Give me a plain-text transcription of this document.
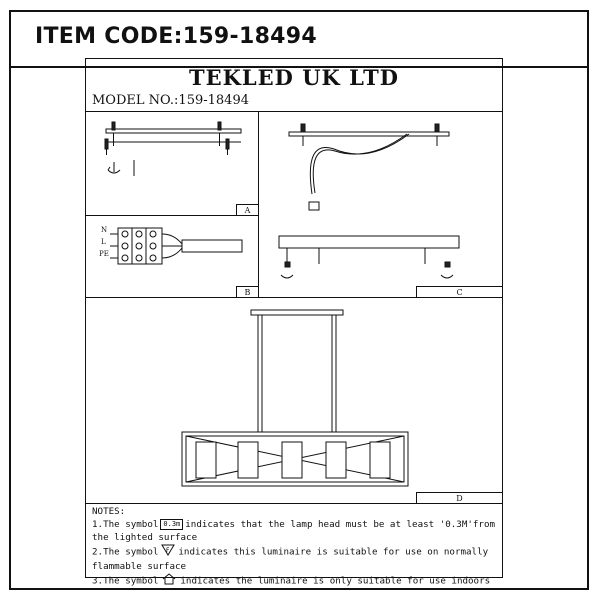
ITEM CODE:159-18494
TEKLED UK LTD
MODEL NO.:159-18494
A
B	C
D
N
L
PE
NOTES:
1.The symbol 0.3m indicates that the lamp head must be at least '0.3M'from
the lighted surface
2.The symbol F indicates this luminaire is suitable for use on normally
flammable surface
3.The symbol indicates the luminaire is only suitable for use indoors
